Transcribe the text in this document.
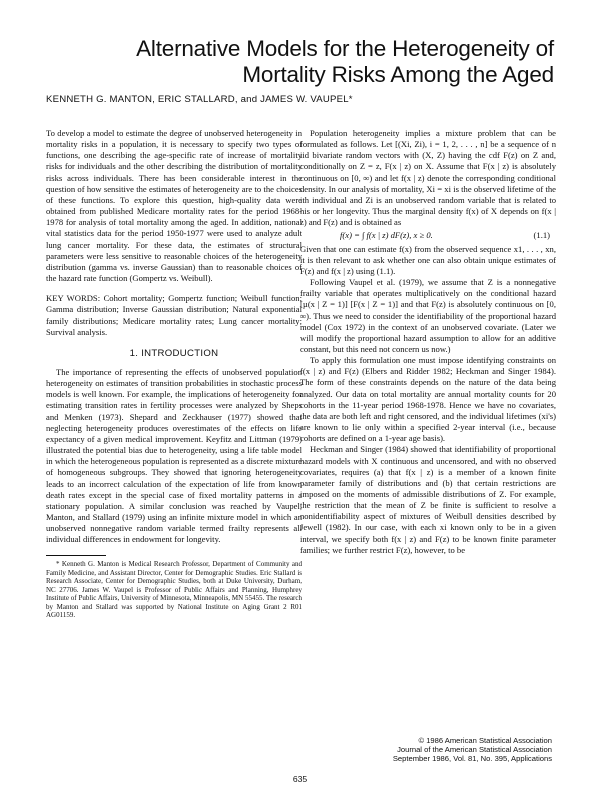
Alternative Models for the Heterogeneity of
Mortality Risks Among the Aged
KENNETH G. MANTON, ERIC STALLARD, and JAMES W. VAUPEL*

To develop a model to estimate the degree of unobserved heterogeneity in mortality risks in a population, it is necessary to specify two types of functions, one describing the age-specific rate of increase of mortality risks for individuals and the other describing the distribution of mortality risks across individuals. There has been considerable interest in the question of how sensitive the estimates of heterogeneity are to the choices of these functions. To explore this question, high-quality data were obtained from published Medicare mortality rates for the period 1968-1978 for analysis of total mortality among the aged. In addition, national vital statistics data for the period 1950-1977 were used to analyze adult lung cancer mortality. For these data, the estimates of structural parameters were less sensitive to reasonable choices of the heterogeneity distribution (gamma vs. inverse Gaussian) than to reasonable choices of the hazard rate function (Gompertz vs. Weibull).

KEY WORDS: Cohort mortality; Gompertz function; Weibull function; Gamma distribution; Inverse Gaussian distribution; Natural exponential family distributions; Medicare mortality rates; Lung cancer mortality; Survival analysis.

1. INTRODUCTION

The importance of representing the effects of unobserved population heterogeneity on estimates of transition probabilities in stochastic process models is well known. For example, the implications of heterogeneity for estimating transition rates in fertility processes were analyzed by Sheps and Menken (1973). Shepard and Zeckhauser (1977) showed that neglecting heterogeneity produces overestimates of the effects on life expectancy of a given medical improvement. Keyfitz and Littman (1979) illustrated the potential bias due to heterogeneity, using a life table model in which the heterogeneous population is represented as a discrete mixture of homogeneous subgroups. They showed that ignoring heterogeneity leads to an incorrect calculation of the expectation of life from known death rates except in the special case of fixed mortality patterns in a stationary population. A similar conclusion was reached by Vaupel, Manton, and Stallard (1979) using an infinite mixture model in which an unobserved nonnegative random variable termed frailty represents all individual differences in endowment for longevity.

* Kenneth G. Manton is Medical Research Professor, Department of Community and Family Medicine, and Assistant Director, Center for Demographic Studies. Eric Stallard is Research Associate, Center for Demographic Studies, both at Duke University, Durham, NC 27706. James W. Vaupel is Professor of Public Affairs and Planning, Humphrey Institute of Public Affairs, University of Minnesota, Minneapolis, MN 55455. The research by Manton and Stallard was supported by National Institute on Aging Grant 2 R01 AG01159.

Population heterogeneity implies a mixture problem that can be formulated as follows. Let [(Xi, Zi), i = 1, 2, . . . , n] be a sequence of n iid bivariate random vectors with (X, Z) having the cdf F(z) on Z and, conditionally on Z = z, F(x | z) on X. Assume that F(x | z) is absolutely continuous on [0, ∞) and let f(x | z) denote the corresponding conditional density. In our analysis of mortality, Xi = xi is the observed lifetime of the ith individual and Zi is an unobserved random variable that is related to his or her longevity. Thus the marginal density f(x) of X depends on f(x | z) and F(z) and is obtained as

f(x) = ∫ f(x | z) dF(z), x ≥ 0.	(1.1)

Given that one can estimate f(x) from the observed sequence x1, . . . , xn, it is then relevant to ask whether one can also obtain unique estimates of F(z) and f(x | z) using (1.1).

Following Vaupel et al. (1979), we assume that Z is a nonnegative frailty variable that operates multiplicatively on the conditional hazard [µ(x | Z = 1)] [F(x | Z = 1)] and that F(z) is absolutely continuous on [0, ∞). Thus we need to consider the identifiability of the proportional hazard model (Cox 1972) in the context of an unobserved covariate. (Later we will modify the proportional hazard assumption to allow for an additive constant, but this need not concern us now.)

To apply this formulation one must impose identifying constraints on f(x | z) and F(z) (Elbers and Ridder 1982; Heckman and Singer 1984). The form of these constraints depends on the nature of the data being analyzed. Our data on total mortality are annual mortality counts for 20 cohorts in the 11-year period 1968-1978. Hence we have no covariates, the data are both left and right censored, and the individual lifetimes (xi's) are known to lie only within a specified 2-year interval (i.e., because cohorts are defined on a 1-year age basis).

Heckman and Singer (1984) showed that identifiability of proportional hazard models with X continuous and uncensored, and with no observed covariates, requires (a) that f(x | z) is a member of a known finite parameter family of distributions and (b) that certain restrictions are imposed on the moments of admissible distributions of Z. For example, the restriction that the mean of Z be finite is sufficient to resolve a nonidentifiability aspect of mixtures of Weibull densities described by Jewell (1982). In our case, with each xi known only to be in a given interval, we specify both f(x | z) and F(z) to be known finite parameter families; we further restrict F(z), however, to be

© 1986 American Statistical Association
Journal of the American Statistical Association
September 1986, Vol. 81, No. 395, Applications
635
